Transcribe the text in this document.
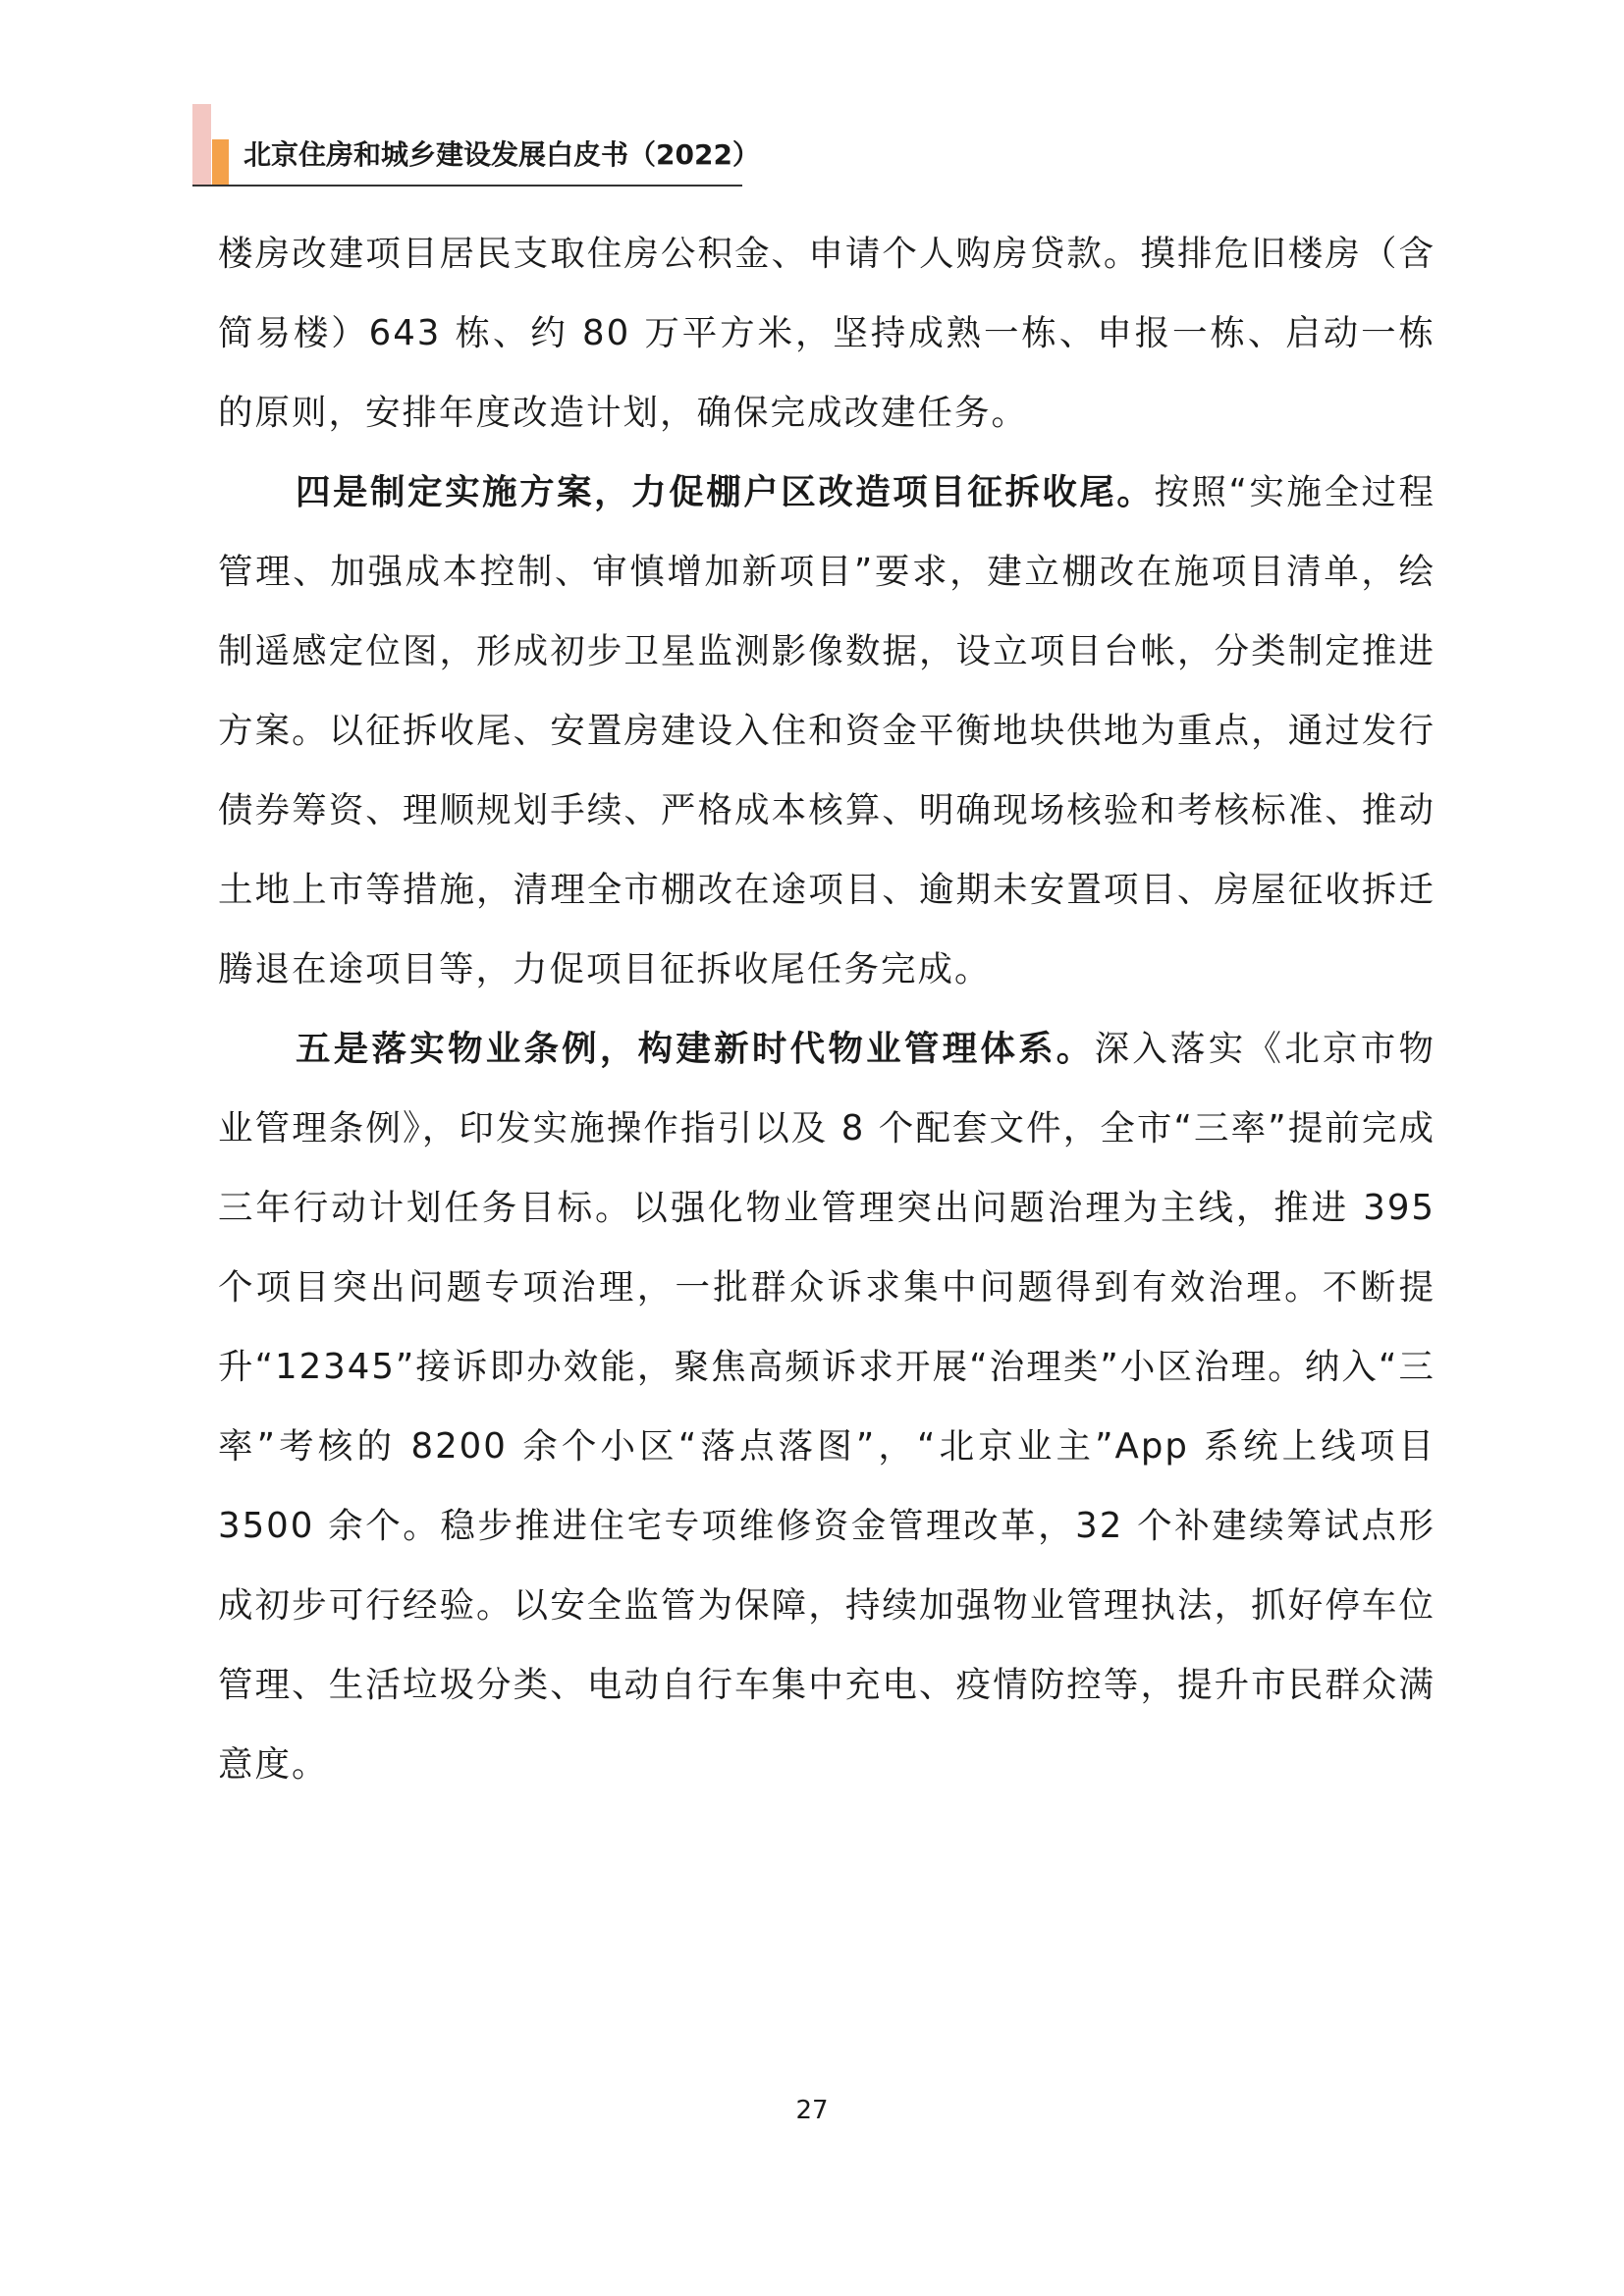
北京住房和城乡建设发展白皮书（2022）

楼房改建项目居民支取住房公积金、申请个人购房贷款。摸排危旧楼房（含简易楼）643 栋、约 80 万平方米，坚持成熟一栋、申报一栋、启动一栋的原则，安排年度改造计划，确保完成改建任务。

四是制定实施方案，力促棚户区改造项目征拆收尾。按照“实施全过程管理、加强成本控制、审慎增加新项目”要求，建立棚改在施项目清单，绘制遥感定位图，形成初步卫星监测影像数据，设立项目台帐，分类制定推进方案。以征拆收尾、安置房建设入住和资金平衡地块供地为重点，通过发行债券筹资、理顺规划手续、严格成本核算、明确现场核验和考核标准、推动土地上市等措施，清理全市棚改在途项目、逾期未安置项目、房屋征收拆迁腾退在途项目等，力促项目征拆收尾任务完成。

五是落实物业条例，构建新时代物业管理体系。深入落实《北京市物业管理条例》，印发实施操作指引以及 8 个配套文件，全市“三率”提前完成三年行动计划任务目标。以强化物业管理突出问题治理为主线，推进 395 个项目突出问题专项治理，一批群众诉求集中问题得到有效治理。不断提升“12345”接诉即办效能，聚焦高频诉求开展“治理类”小区治理。纳入“三率”考核的 8200 余个小区“落点落图”，“北京业主”App 系统上线项目 3500 余个。稳步推进住宅专项维修资金管理改革，32 个补建续筹试点形成初步可行经验。以安全监管为保障，持续加强物业管理执法，抓好停车位管理、生活垃圾分类、电动自行车集中充电、疫情防控等，提升市民群众满意度。

27
